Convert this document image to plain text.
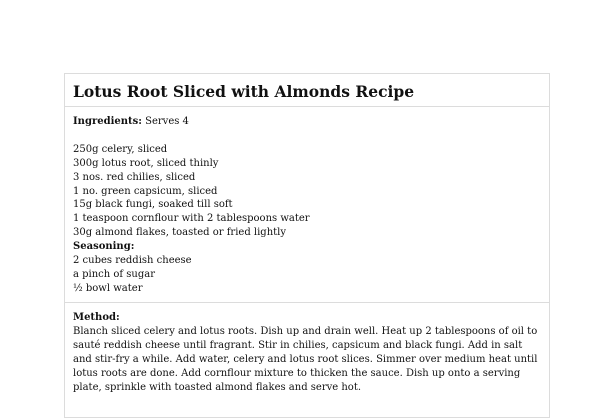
Lotus Root Sliced with Almonds Recipe
Ingredients: Serves 4
250g celery, sliced
300g lotus root, sliced thinly
3 nos. red chilies, sliced
1 no. green capsicum, sliced
15g black fungi, soaked till soft
1 teaspoon cornflour with 2 tablespoons water
30g almond flakes, toasted or fried lightly
Seasoning:
2 cubes reddish cheese
a pinch of sugar
½ bowl water
Method:
Blanch sliced celery and lotus roots. Dish up and drain well. Heat up 2 tablespoons of oil to sauté reddish cheese until fragrant. Stir in chilies, capsicum and black fungi. Add in salt and stir-fry a while. Add water, celery and lotus root slices. Simmer over medium heat until lotus roots are done. Add cornflour mixture to thicken the sauce. Dish up onto a serving plate, sprinkle with toasted almond flakes and serve hot.
